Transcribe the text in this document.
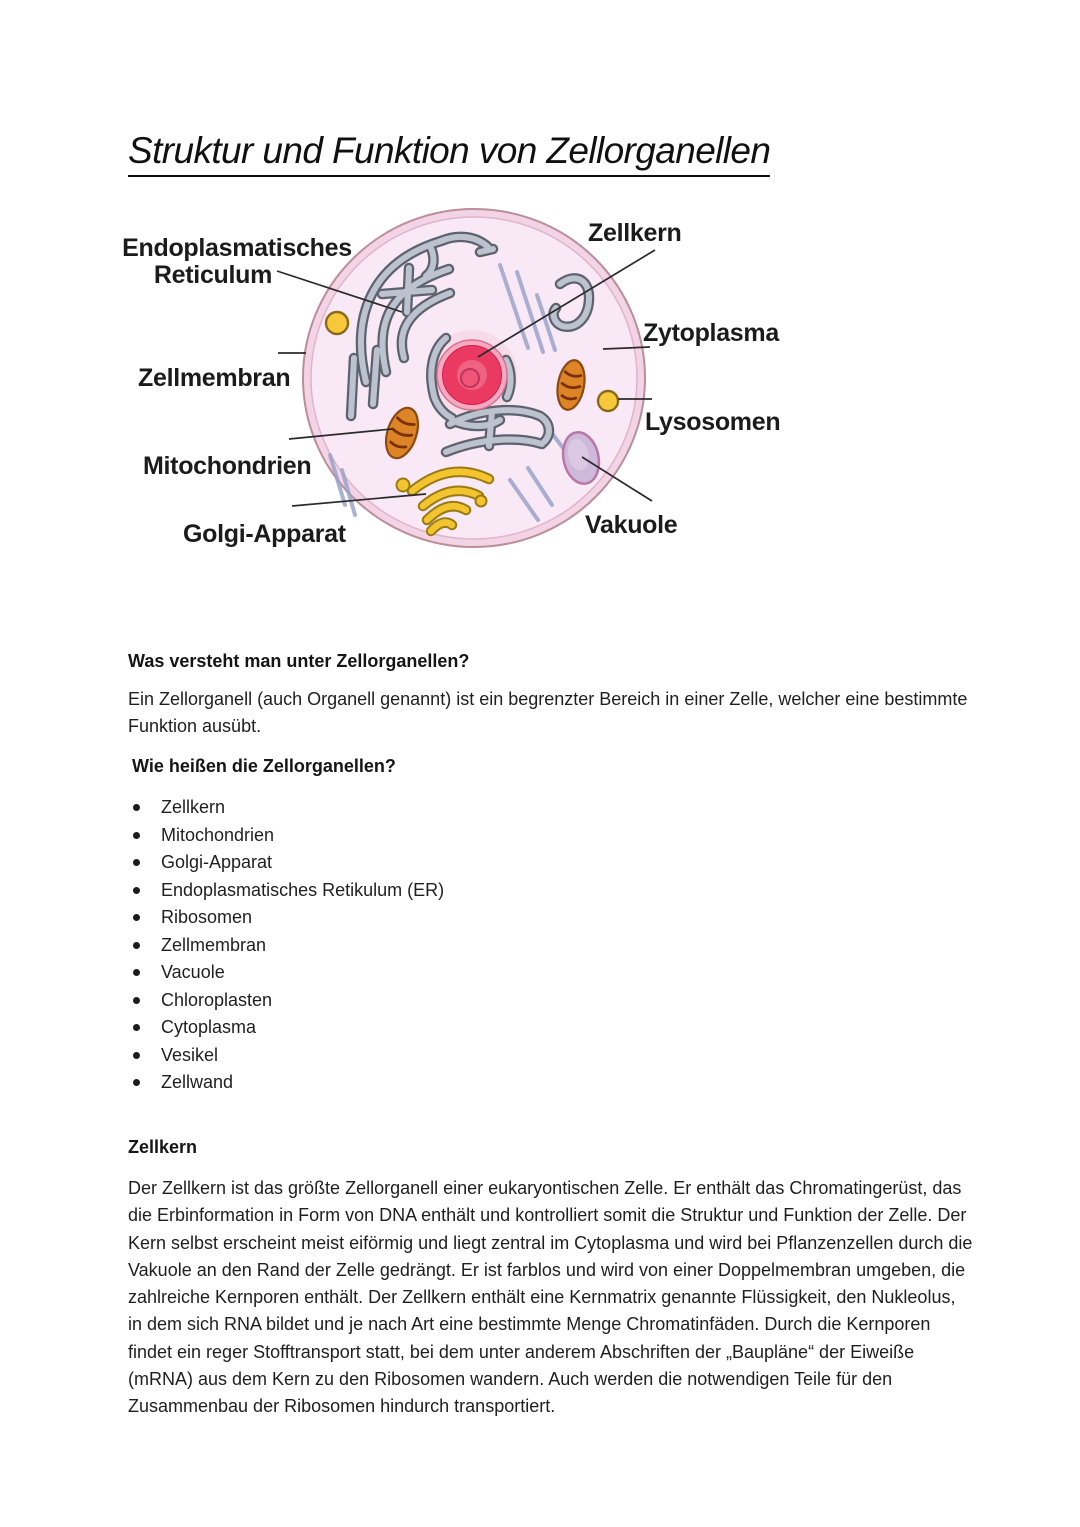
Struktur und Funktion von Zellorganellen
Endoplasmatisches
Reticulum
Zellmembran
Mitochondrien
Golgi-Apparat
Zellkern
Zytoplasma
Lysosomen
Vakuole
Was versteht man unter Zellorganellen?
Ein Zellorganell (auch Organell genannt) ist ein begrenzter Bereich in einer Zelle, welcher eine bestimmte Funktion ausübt.
Wie heißen die Zellorganellen?
Zellkern
Mitochondrien
Golgi-Apparat
Endoplasmatisches Retikulum (ER)
Ribosomen
Zellmembran
Vacuole
Chloroplasten
Cytoplasma
Vesikel
Zellwand
Zellkern
Der Zellkern ist das größte Zellorganell einer eukaryontischen Zelle. Er enthält das Chromatingerüst, das die Erbinformation in Form von DNA enthält und kontrolliert somit die Struktur und Funktion der Zelle. Der Kern selbst erscheint meist eiförmig und liegt zentral im Cytoplasma und wird bei Pflanzenzellen durch die Vakuole an den Rand der Zelle gedrängt. Er ist farblos und wird von einer Doppelmembran umgeben, die zahlreiche Kernporen enthält. Der Zellkern enthält eine Kernmatrix genannte Flüssigkeit, den Nukleolus, in dem sich RNA bildet und je nach Art eine bestimmte Menge Chromatinfäden. Durch die Kernporen findet ein reger Stofftransport statt, bei dem unter anderem Abschriften der „Baupläne“ der Eiweiße (mRNA) aus dem Kern zu den Ribosomen wandern. Auch werden die notwendigen Teile für den Zusammenbau der Ribosomen hindurch transportiert.
